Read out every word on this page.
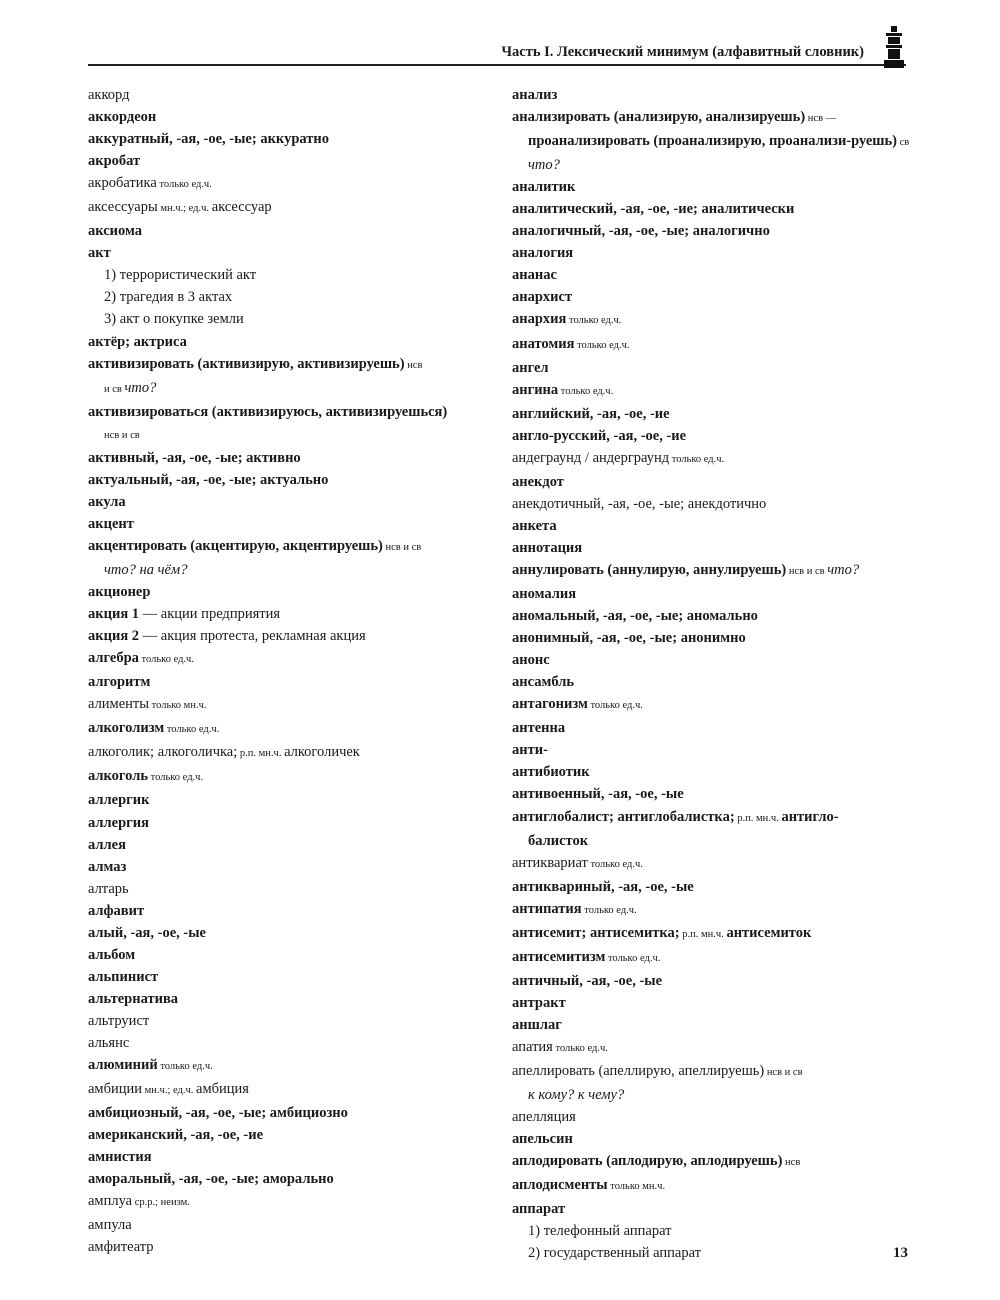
Часть I. Лексический минимум (алфавитный словник)

аккорд

аккордеон

аккуратный, -ая, -ое, -ые; аккуратно

акробат

акробатика только ед.ч.

аксессуары мн.ч.; ед.ч. аксессуар

аксиома

акт

1) террористический акт

2) трагедия в 3 актах

3) акт о покупке земли

актёр; актриса

активизировать (активизирую, активизируешь) нсв
и св что?

активизироваться (активизируюсь, активизируешься)
нсв и св

активный, -ая, -ое, -ые; активно

актуальный, -ая, -ое, -ые; актуально

акула

акцент

акцентировать (акцентирую, акцентируешь) нсв и св
что? на чём?

акционер

акция 1 — акции предприятия

акция 2 — акция протеста, рекламная акция

алгебра только ед.ч.

алгоритм

алименты только мн.ч.

алкоголизм только ед.ч.

алкоголик; алкоголичка; р.п. мн.ч. алкоголичек

алкоголь только ед.ч.

аллергик

аллергия

аллея

алмаз

алтарь

алфавит

алый, -ая, -ое, -ые

альбом

альпинист

альтернатива

альтруист

альянс

алюминий только ед.ч.

амбиции мн.ч.; ед.ч. амбиция

амбициозный, -ая, -ое, -ые; амбициозно

американский, -ая, -ое, -ие

амнистия

аморальный, -ая, -ое, -ые; аморально

амплуа ср.р.; неизм.

ампула

амфитеатр

анализ

анализировать (анализирую, анализируешь) нсв —
проанализировать (проанализирую, проанализи-руешь) св что?

аналитик

аналитический, -ая, -ое, -ие; аналитически

аналогичный, -ая, -ое, -ые; аналогично

аналогия

ананас

анархист

анархия только ед.ч.

анатомия только ед.ч.

ангел

ангина только ед.ч.

английский, -ая, -ое, -ие

англо-русский, -ая, -ое, -ие

андеграунд / андерграунд только ед.ч.

анекдот

анекдотичный, -ая, -ое, -ые; анекдотично

анкета

аннотация

аннулировать (аннулирую, аннулируешь) нсв и св что?

аномалия

аномальный, -ая, -ое, -ые; аномально

анонимный, -ая, -ое, -ые; анонимно

анонс

ансамбль

антагонизм только ед.ч.

антенна

анти-

антибиотик

антивоенный, -ая, -ое, -ые

антиглобалист; антиглобалистка; р.п. мн.ч. антигло-
балисток

антиквариат только ед.ч.

антиквариный, -ая, -ое, -ые

антипатия только ед.ч.

антисемит; антисемитка; р.п. мн.ч. антисемиток

антисемитизм только ед.ч.

античный, -ая, -ое, -ые

антракт

аншлаг

апатия только ед.ч.

апеллировать (апеллирую, апеллируешь) нсв и св
к кому? к чему?

апелляция

апельсин

аплодировать (аплодирую, аплодируешь) нсв

аплодисменты только мн.ч.

аппарат

1) телефонный аппарат

2) государственный аппарат	13
